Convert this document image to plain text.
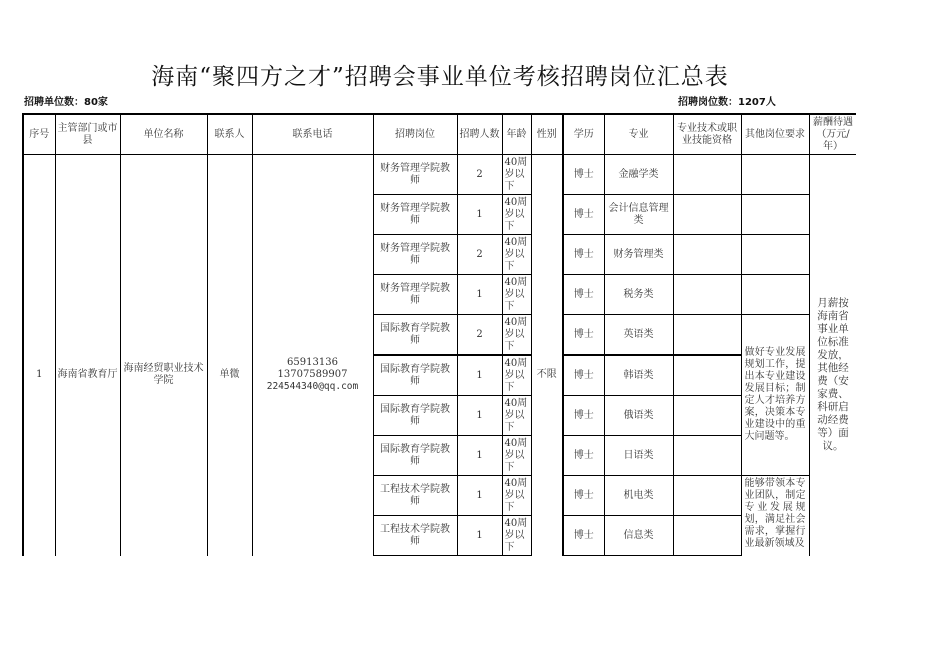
海南“聚四方之才”招聘会事业单位考核招聘岗位汇总表
招聘单位数：80家	招聘岗位数：1207人
序号	主管部门或市县	单位名称	联系人	联系电话	招聘岗位	招聘人数	年龄	性别	学历	专业	专业技术或职业技能资格	其他岗位要求	薪酬待遇（万元/年）
1	海南省教育厅	海南经贸职业技术学院	单微	65913136
13707589907
224544340@qq.com	财务管理学院教师	2	40周岁以下	不限	博士	金融学类			月薪按海南省事业单位标准发放，其他经费（安家费、科研启动经费等）面议。
					财务管理学院教师	1	40周岁以下		博士	会计信息管理类			
					财务管理学院教师	2	40周岁以下		博士	财务管理类			
					财务管理学院教师	1	40周岁以下		博士	税务类			
					国际教育学院教师	2	40周岁以下		博士	英语类		做好专业发展规划工作，提出本专业建设发展目标；制定人才培养方案，决策本专业建设中的重大问题等。	
					国际教育学院教师	1	40周岁以下		博士	韩语类			
					国际教育学院教师	1	40周岁以下		博士	俄语类			
					国际教育学院教师	1	40周岁以下		博士	日语类			
					工程技术学院教师	1	40周岁以下		博士	机电类		能够带领本专业团队，制定专业发展规划，满足社会需求，掌握行业最新领域及	
					工程技术学院教师	1	40周岁以下		博士	信息类			
